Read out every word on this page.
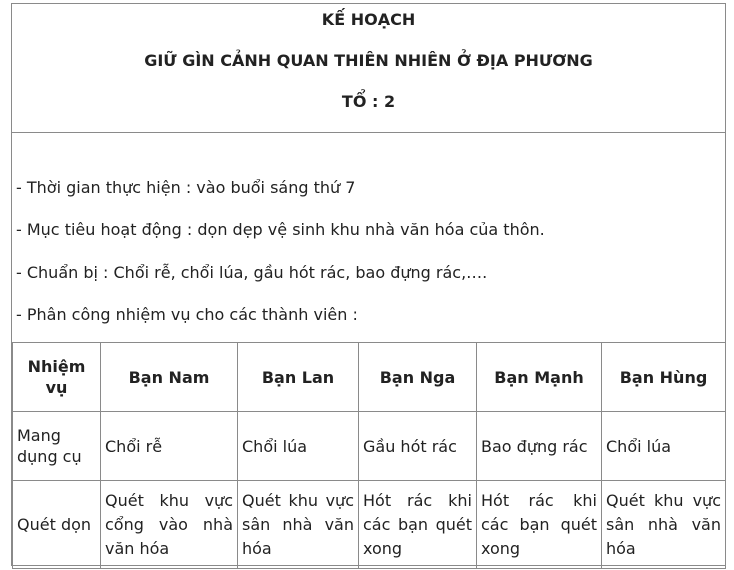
KẾ HOẠCH
GIỮ GÌN CẢNH QUAN THIÊN NHIÊN Ở ĐỊA PHƯƠNG
TỔ : 2
- Thời gian thực hiện : vào buổi sáng thứ 7
- Mục tiêu hoạt động : dọn dẹp vệ sinh khu nhà văn hóa của thôn.
- Chuẩn bị : Chổi rễ, chổi lúa, gầu hót rác, bao đựng rác,….
- Phân công nhiệm vụ cho các thành viên :
Nhiệm vụ	Bạn Nam	Bạn Lan	Bạn Nga	Bạn Mạnh	Bạn Hùng
Mang dụng cụ	Chổi rễ	Chổi lúa	Gầu hót rác	Bao đựng rác	Chổi lúa
Quét dọn	Quét khu vực cổng vào nhà văn hóa	Quét khu vực sân nhà văn hóa	Hót rác khi các bạn quét xong	Hót rác khi các bạn quét xong	Quét khu vực sân nhà văn hóa
